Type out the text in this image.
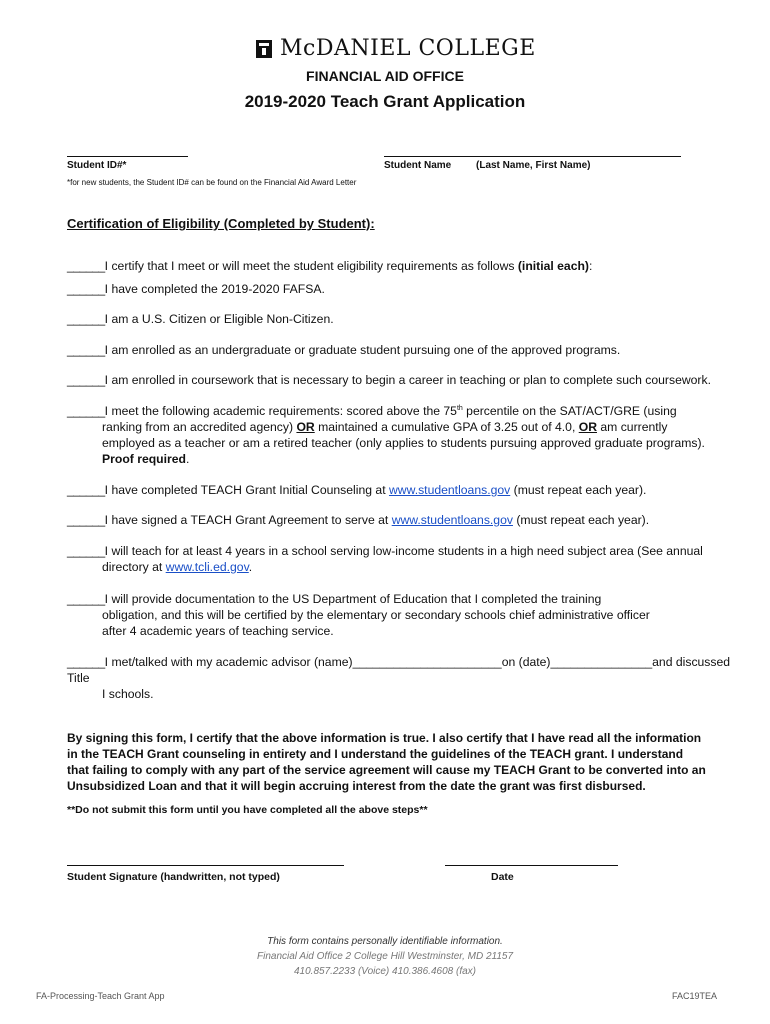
McDANIEL COLLEGE
FINANCIAL AID OFFICE
2019-2020 Teach Grant Application
Student ID#*	Student Name (Last Name, First Name)
*for new students, the Student ID# can be found on the Financial Aid Award Letter
Certification of Eligibility (Completed by Student):
______I certify that I meet or will meet the student eligibility requirements as follows (initial each):
______I have completed the 2019-2020 FAFSA.
______I am a U.S. Citizen or Eligible Non-Citizen.
______I am enrolled as an undergraduate or graduate student pursuing one of the approved programs.
______I am enrolled in coursework that is necessary to begin a career in teaching or plan to complete such coursework.
______I meet the following academic requirements: scored above the 75th percentile on the SAT/ACT/GRE (using
ranking from an accredited agency) OR maintained a cumulative GPA of 3.25 out of 4.0, OR am currently
employed as a teacher or am a retired teacher (only applies to students pursuing approved graduate programs).
Proof required.
______I have completed TEACH Grant Initial Counseling at www.studentloans.gov (must repeat each year).
______I have signed a TEACH Grant Agreement to serve at www.studentloans.gov (must repeat each year).
______I will teach for at least 4 years in a school serving low-income students in a high need subject area (See annual
directory at www.tcli.ed.gov.
______I will provide documentation to the US Department of Education that I completed the training
obligation, and this will be certified by the elementary or secondary schools chief administrative officer
after 4 academic years of teaching service.
______I met/talked with my academic advisor (name)______________________on (date)_______________and discussed Title
I schools.
By signing this form, I certify that the above information is true. I also certify that I have read all the information in the TEACH Grant counseling in entirety and I understand the guidelines of the TEACH grant. I understand that failing to comply with any part of the service agreement will cause my TEACH Grant to be converted into an Unsubsidized Loan and that it will begin accruing interest from the date the grant was first disbursed.
**Do not submit this form until you have completed all the above steps**
Student Signature (handwritten, not typed)	Date
This form contains personally identifiable information.
Financial Aid Office 2 College Hill Westminster, MD 21157
410.857.2233 (Voice) 410.386.4608 (fax)
FA-Processing-Teach Grant App	FAC19TEA
